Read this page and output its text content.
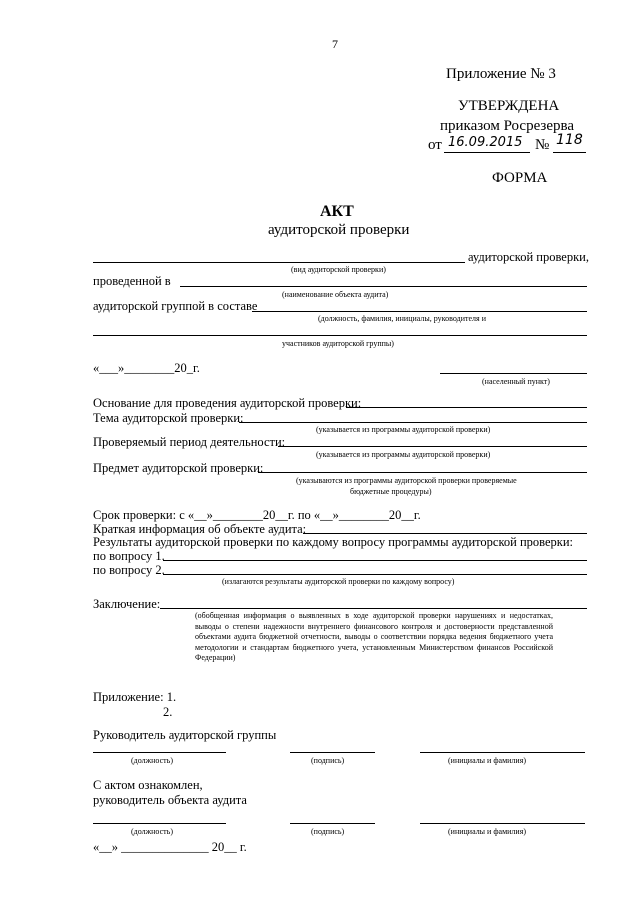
7
Приложение № 3
УТВЕРЖДЕНА
приказом Росрезерва
от 16.09.2015 № 118
ФОРМА
АКТ
аудиторской проверки
аудиторской проверки,
(вид аудиторской проверки)
проведенной в
(наименование объекта аудита)
аудиторской группой в составе
(должность, фамилия, инициалы, руководителя и
участников аудиторской группы)
«___»________20_г.
(населенный пункт)
Основание для проведения аудиторской проверки:
Тема аудиторской проверки:
(указывается из программы аудиторской проверки)
Проверяемый период деятельности:
(указывается из программы аудиторской проверки)
Предмет аудиторской проверки:
(указываются из программы аудиторской проверки проверяемые
бюджетные процедуры)
Срок проверки: с «__»________20__г. по «__»________20__г.
Краткая информация об объекте аудита:
Результаты аудиторской проверки по каждому вопросу программы аудиторской проверки:
по вопросу 1.
по вопросу 2.
(излагаются результаты аудиторской проверки по каждому вопросу)
Заключение:
(обобщенная информация о выявленных в ходе аудиторской проверки нарушениях и недостатках, выводы о степени надежности внутреннего финансового контроля и достоверности представленной объектами аудита бюджетной отчетности, выводы о соответствии порядка ведения бюджетного учета методологии и стандартам бюджетного учета, установленным Министерством финансов Российской Федерации)
Приложение: 1.
2.
Руководитель аудиторской группы
(должность)	(подпись)	(инициалы и фамилия)
С актом ознакомлен,
руководитель объекта аудита
(должность)	(подпись)	(инициалы и фамилия)
«__» ______________ 20__ г.
